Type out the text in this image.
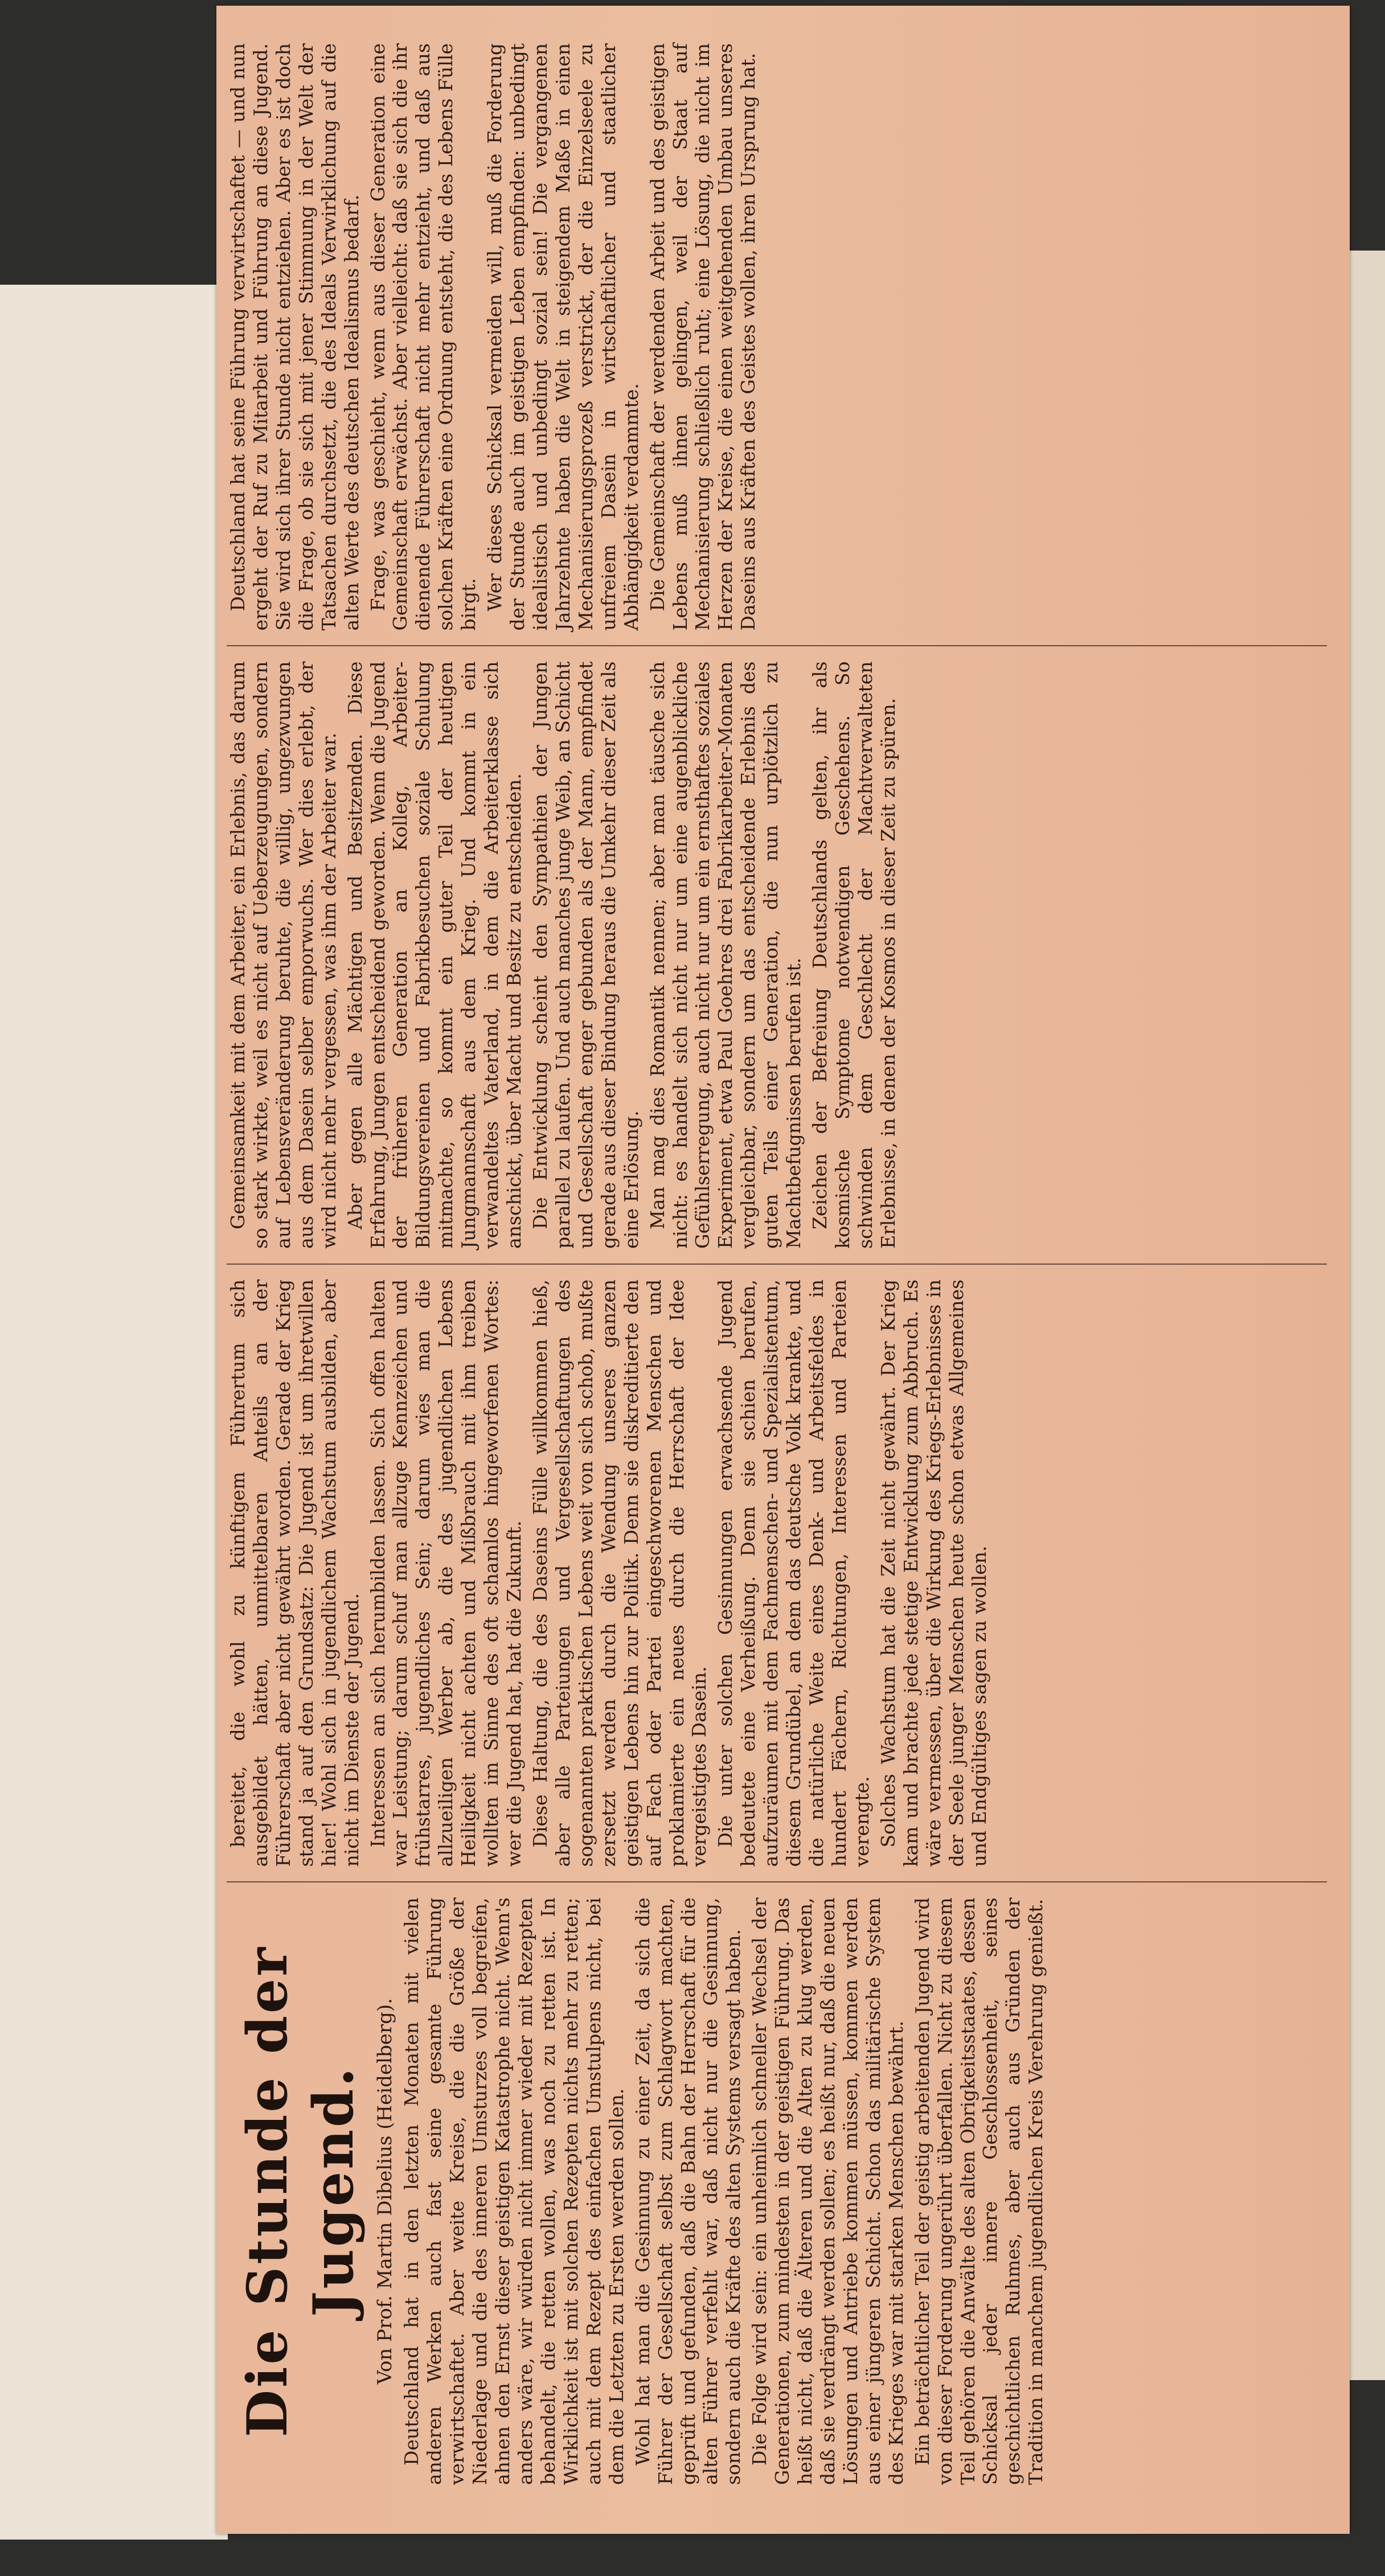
Die Stunde der Jugend. Von Prof. Martin Dibelius (Heidelberg). Deutschland hat in den letzten Monaten mit vielen anderen Werken auch fast seine gesamte Führung verwirtschaftet. Aber weite Kreise, die die Größe der Niederlage und die des inneren Umsturzes voll begreifen, ahnen den Ernst dieser geistigen Katastrophe nicht. Wenn's anders wäre, wir würden nicht immer wieder mit Rezepten behandelt, die retten wollen, was noch zu retten ist. In Wirklichkeit ist mit solchen Rezepten nichts mehr zu retten; auch mit dem Rezept des einfachen Umstulpens nicht, bei dem die Letzten zu Ersten werden sollen. Wohl hat man die Gesinnung zu einer Zeit, da sich die Führer der Gesellschaft selbst zum Schlagwort machten, geprüft und gefunden, daß die Bahn der Herrschaft für die alten Führer verfehlt war, daß nicht nur die Gesinnung, sondern auch die Kräfte des alten Systems versagt haben. Die Folge wird sein: ein unheimlich schneller Wechsel der Generationen, zum mindesten in der geistigen Führung. Das heißt nicht, daß die Älteren und die Alten zu klug werden, daß sie verdrängt werden sollen; es heißt nur, daß die neuen Lösungen und Antriebe kommen müssen, kommen werden aus einer jüngeren Schicht. Schon das militärische System des Krieges war mit starken Menschen bewährt. Ein beträchtlicher Teil der geistig arbeitenden Jugend wird von dieser Forderung ungerührt überfallen. Nicht zu diesem Teil gehören die Anwälte des alten Obrigkeitsstaates, dessen Schicksal jeder innere Geschlossenheit, seines geschichtlichen Ruhmes, aber auch aus Gründen der Tradition in manchem jugendlichen Kreis Verehrung genießt.

bereitet, die wohl zu künftigem Führertum sich ausgebildet hätten, unmittelbaren Anteils an der Führerschaft aber nicht gewährt worden. Gerade der Krieg stand ja auf den Grundsatz: Die Jugend ist um ihretwillen hier! Wohl sich in jugendlichem Wachstum ausbilden, aber nicht im Dienste der Jugend. Interessen an sich herumbilden lassen. Sich offen halten war Leistung; darum schuf man allzuge Kennzeichen und frühstarres, jugendliches Sein; darum wies man die allzueiligen Werber ab, die des jugendlichen Lebens Heiligkeit nicht achten und Mißbrauch mit ihm treiben wollten im Sinne des oft schamlos hingeworfenen Wortes: wer die Jugend hat, hat die Zukunft. Diese Haltung, die des Daseins Fülle willkommen hieß, aber alle Parteiungen und Vergesellschaftungen des sogenannten praktischen Lebens weit von sich schob, mußte zersetzt werden durch die Wendung unseres ganzen geistigen Lebens hin zur Politik. Denn sie diskreditierte den auf Fach oder Partei eingeschworenen Menschen und proklamierte ein neues durch die Herrschaft der Idee vergeistigtes Dasein. Die unter solchen Gesinnungen erwachsende Jugend bedeutete eine Verheißung. Denn sie schien berufen, aufzuräumen mit dem Fachmenschen- und Spezialistentum, diesem Grundübel, an dem das deutsche Volk krankte, und die natürliche Weite eines Denk- und Arbeitsfeldes in hundert Fächern, Richtungen, Interessen und Parteien verengte. Solches Wachstum hat die Zeit nicht gewährt. Der Krieg kam und brachte jede stetige Entwicklung zum Abbruch. Es wäre vermessen, über die Wirkung des Kriegs-Erlebnisses in der Seele junger Menschen heute schon etwas Allgemeines und Endgültiges sagen zu wollen.

Gemeinsamkeit mit dem Arbeiter, ein Erlebnis, das darum so stark wirkte, weil es nicht auf Ueberzeugungen, sondern auf Lebensveränderung beruhte, die willig, ungezwungen aus dem Dasein selber emporwuchs. Wer dies erlebt, der wird nicht mehr vergessen, was ihm der Arbeiter war. Aber gegen alle Mächtigen und Besitzenden. Diese Erfahrung, Jungen entscheidend geworden. Wenn die Jugend der früheren Generation an Kolleg, Arbeiter-Bildungsvereinen und Fabrikbesuchen soziale Schulung mitmachte, so kommt ein guter Teil der heutigen Jungmannschaft aus dem Krieg. Und kommt in ein verwandeltes Vaterland, in dem die Arbeiterklasse sich anschickt, über Macht und Besitz zu entscheiden. Die Entwicklung scheint den Sympathien der Jungen parallel zu laufen. Und auch manches junge Weib, an Schicht und Gesellschaft enger gebunden als der Mann, empfindet gerade aus dieser Bindung heraus die Umkehr dieser Zeit als eine Erlösung. Man mag dies Romantik nennen; aber man täusche sich nicht: es handelt sich nicht nur um eine augenblickliche Gefühlserregung, auch nicht nur um ein ernsthaftes soziales Experiment, etwa Paul Goehres drei Fabrikarbeiter-Monaten vergleichbar, sondern um das entscheidende Erlebnis des guten Teils einer Generation, die nun urplötzlich zu Machtbefugnissen berufen ist. Zeichen der Befreiung Deutschlands gelten, ihr als kosmische Symptome notwendigen Geschehens. So schwinden dem Geschlecht der Machtverwalteten Erlebnisse, in denen der Kosmos in dieser Zeit zu spüren.

Deutschland hat seine Führung verwirtschaftet — und nun ergeht der Ruf zu Mitarbeit und Führung an diese Jugend. Sie wird sich ihrer Stunde nicht entziehen. Aber es ist doch die Frage, ob sie sich mit jener Stimmung in der Welt der Tatsachen durchsetzt, die des Ideals Verwirklichung auf die alten Werte des deutschen Idealismus bedarf. Frage, was geschieht, wenn aus dieser Generation eine Gemeinschaft erwächst. Aber vielleicht: daß sie sich die ihr dienende Führerschaft nicht mehr entzieht, und daß aus solchen Kräften eine Ordnung entsteht, die des Lebens Fülle birgt. Wer dieses Schicksal vermeiden will, muß die Forderung der Stunde auch im geistigen Leben empfinden: unbedingt idealistisch und unbedingt sozial sein! Die vergangenen Jahrzehnte haben die Welt in steigendem Maße in einen Mechanisierungsprozeß verstrickt, der die Einzelseele zu unfreiem Dasein in wirtschaftlicher und staatlicher Abhängigkeit verdammte. Die Gemeinschaft der werdenden Arbeit und des geistigen Lebens muß ihnen gelingen, weil der Staat auf Mechanisierung schließlich ruht; eine Lösung, die nicht im Herzen der Kreise, die einen weitgehenden Umbau unseres Daseins aus Kräften des Geistes wollen, ihren Ursprung hat.
